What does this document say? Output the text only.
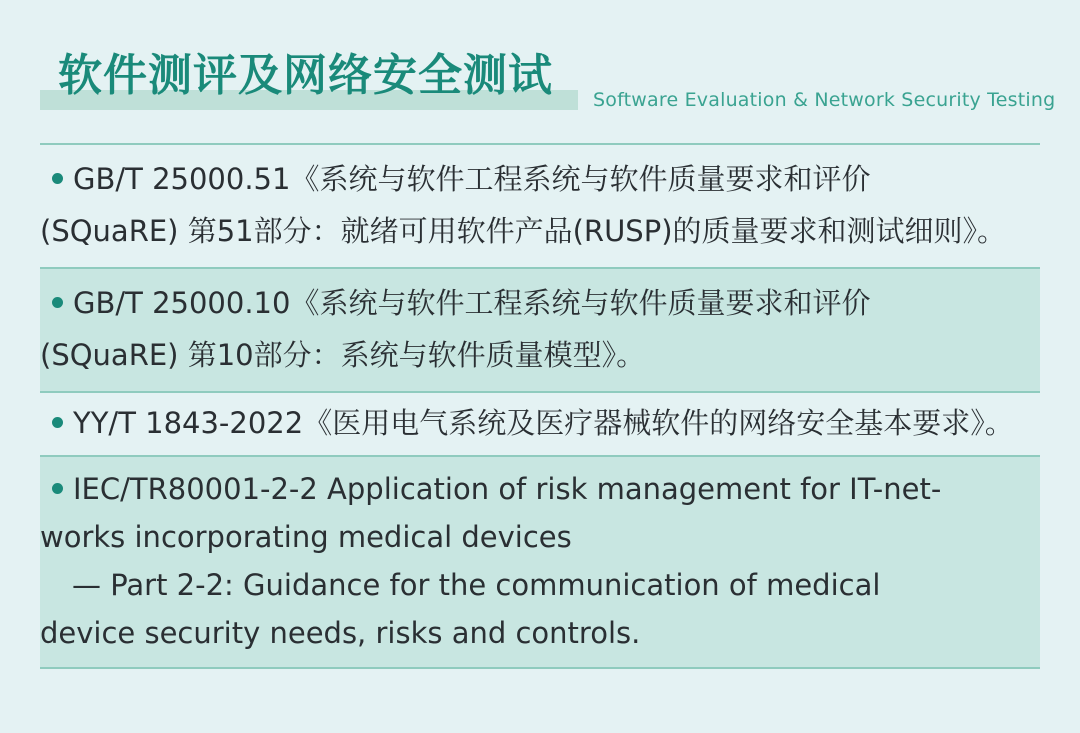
软件测评及网络安全测试 Software Evaluation & Network Security Testing
GB/T 25000.51《系统与软件工程系统与软件质量要求和评价
(SQuaRE) 第51部分：就绪可用软件产品(RUSP)的质量要求和测试细则》。
GB/T 25000.10《系统与软件工程系统与软件质量要求和评价
(SQuaRE) 第10部分：系统与软件质量模型》。
YY/T 1843-2022《医用电气系统及医疗器械软件的网络安全基本要求》。
IEC/TR80001-2-2 Application of risk management for IT-net-
works incorporating medical devices
— Part 2-2: Guidance for the communication of medical
device security needs, risks and controls.
